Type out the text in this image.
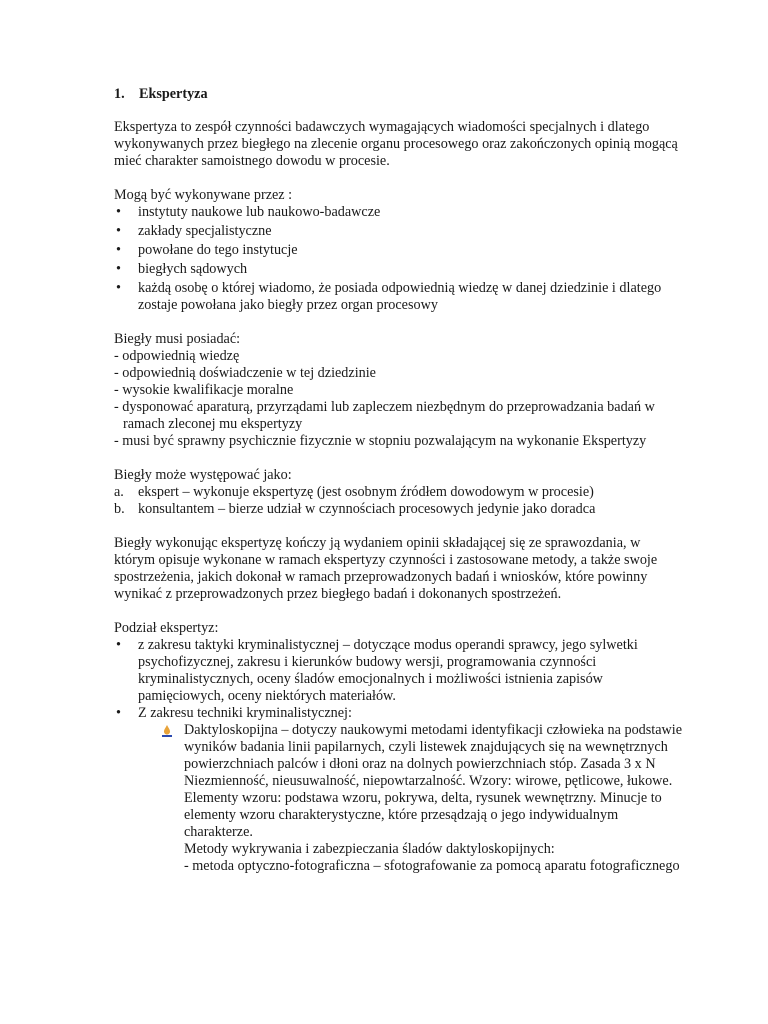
1. Ekspertyza

Ekspertyza to zespół czynności badawczych wymagających wiadomości specjalnych i dlatego wykonywanych przez biegłego na zlecenie organu procesowego oraz zakończonych opinią mogącą mieć charakter samoistnego dowodu w procesie.

Mogą być wykonywane przez :

• instytuty naukowe lub naukowo-badawcze
• zakłady specjalistyczne
• powołane do tego instytucje
• biegłych sądowych
• każdą osobę o której wiadomo, że posiada odpowiednią wiedzę w danej dziedzinie i dlatego zostaje powołana jako biegły przez organ procesowy

Biegły musi posiadać:

- odpowiednią wiedzę

- odpowiednią doświadczenie w tej dziedzinie

- wysokie kwalifikacje moralne

- dysponować aparaturą, przyrządami lub zapleczem niezbędnym do przeprowadzania badań w ramach zleconej mu ekspertyzy

- musi być sprawny psychicznie fizycznie w stopniu pozwalającym na wykonanie Ekspertyzy

Biegły może występować jako:

a. ekspert – wykonuje ekspertyzę (jest osobnym źródłem dowodowym w procesie)
b. konsultantem – bierze udział w czynnościach procesowych jedynie jako doradca

Biegły wykonując ekspertyzę kończy ją wydaniem opinii składającej się ze sprawozdania, w którym opisuje wykonane w ramach ekspertyzy czynności i zastosowane metody, a także swoje spostrzeżenia, jakich dokonał w ramach przeprowadzonych badań i wniosków, które powinny wynikać z przeprowadzonych przez biegłego badań i dokonanych spostrzeżeń.

Podział ekspertyz:

• z zakresu taktyki kryminalistycznej – dotyczące modus operandi sprawcy, jego sylwetki psychofizycznej, zakresu i kierunków budowy wersji, programowania czynności kryminalistycznych, oceny śladów emocjonalnych i możliwości istnienia zapisów pamięciowych, oceny niektórych materiałów.
• Z zakresu techniki kryminalistycznej:

Daktyloskopijna – dotyczy naukowymi metodami identyfikacji człowieka na podstawie wyników badania linii papilarnych, czyli listewek znajdujących się na wewnętrznych powierzchniach palców i dłoni oraz na dolnych powierzchniach stóp. Zasada 3 x N Niezmienność, nieusuwalność, niepowtarzalność. Wzory: wirowe, pętlicowe, łukowe. Elementy wzoru: podstawa wzoru, pokrywa, delta, rysunek wewnętrzny. Minucje to elementy wzoru charakterystyczne, które przesądzają o jego indywidualnym charakterze.

Metody wykrywania i zabezpieczania śladów daktyloskopijnych:

- metoda optyczno-fotograficzna – sfotografowanie za pomocą aparatu fotograficznego
